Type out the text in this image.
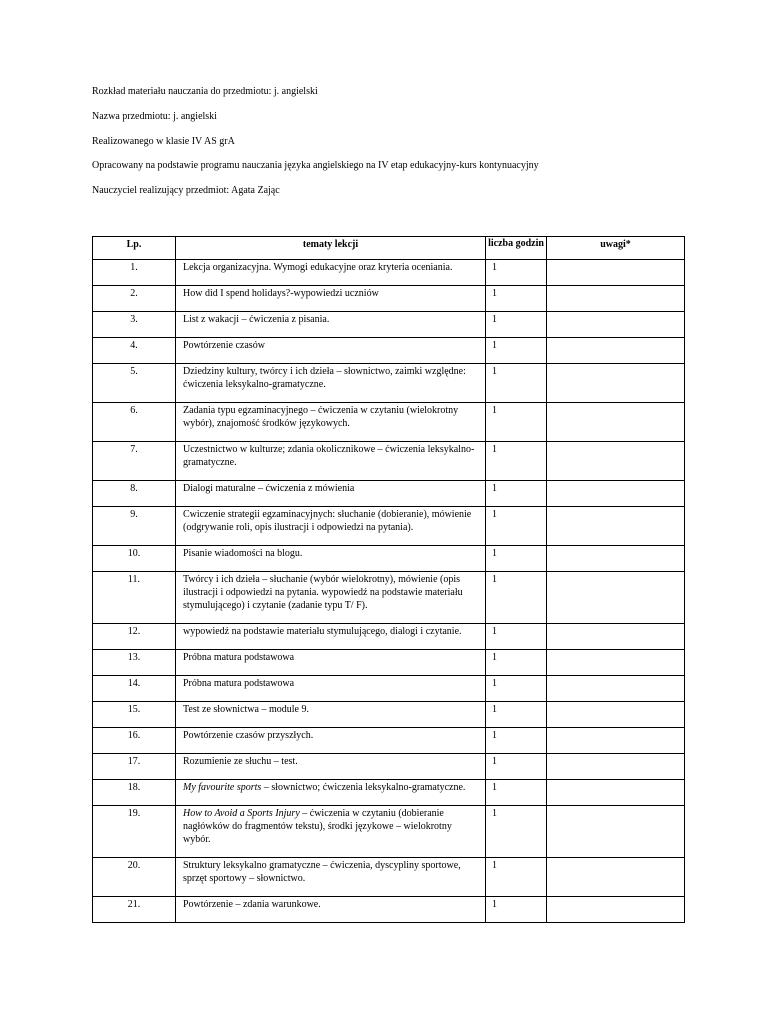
Rozkład materiału nauczania do przedmiotu: j. angielski

Nazwa przedmiotu: j. angielski

Realizowanego w klasie IV AS grA

Opracowany na podstawie programu nauczania języka angielskiego na IV etap edukacyjny-kurs kontynuacyjny

Nauczyciel realizujący przedmiot: Agata Zając

Lp.	tematy lekcji	liczba godzin	uwagi*
1.	Lekcja organizacyjna. Wymogi edukacyjne oraz kryteria oceniania.	1	
2.	How did I spend holidays?-wypowiedzi uczniów	1	
3.	List z wakacji – ćwiczenia z pisania.	1	
4.	Powtórzenie czasów	1	
5.	Dziedziny kultury, twórcy i ich dzieła – słownictwo, zaimki względne: ćwiczenia leksykalno-gramatyczne.	1	
6.	Zadania typu egzaminacyjnego – ćwiczenia w czytaniu (wielokrotny wybór), znajomość środków językowych.	1	
7.	Uczestnictwo w kulturze; zdania okolicznikowe – ćwiczenia leksykalno-gramatyczne.	1	
8.	Dialogi maturalne – ćwiczenia z mówienia	1	
9.	Cwiczenie strategii egzaminacyjnych: słuchanie (dobieranie), mówienie (odgrywanie roli, opis ilustracji i odpowiedzi na pytania).	1	
10.	Pisanie wiadomości na blogu.	1	
11.	Twórcy i ich dzieła – słuchanie (wybór wielokrotny), mówienie (opis ilustracji i odpowiedzi na pytania. wypowiedź na podstawie materiału stymulującego) i czytanie (zadanie typu T/ F).	1	
12.	wypowiedź na podstawie materiału stymulującego, dialogi i czytanie.	1	
13.	Próbna matura podstawowa	1	
14.	Próbna matura podstawowa	1	
15.	Test ze słownictwa – module 9.	1	
16.	Powtórzenie czasów przyszłych.	1	
17.	Rozumienie ze słuchu – test.	1	
18.	My favourite sports – słownictwo; ćwiczenia leksykalno-gramatyczne.	1	
19.	How to Avoid a Sports Injury – ćwiczenia w czytaniu (dobieranie nagłówków do fragmentów tekstu), środki językowe – wielokrotny wybór.	1	
20.	Struktury leksykalno gramatyczne – ćwiczenia, dyscypliny sportowe, sprzęt sportowy – słownictwo.	1	
21.	Powtórzenie – zdania warunkowe.	1	
